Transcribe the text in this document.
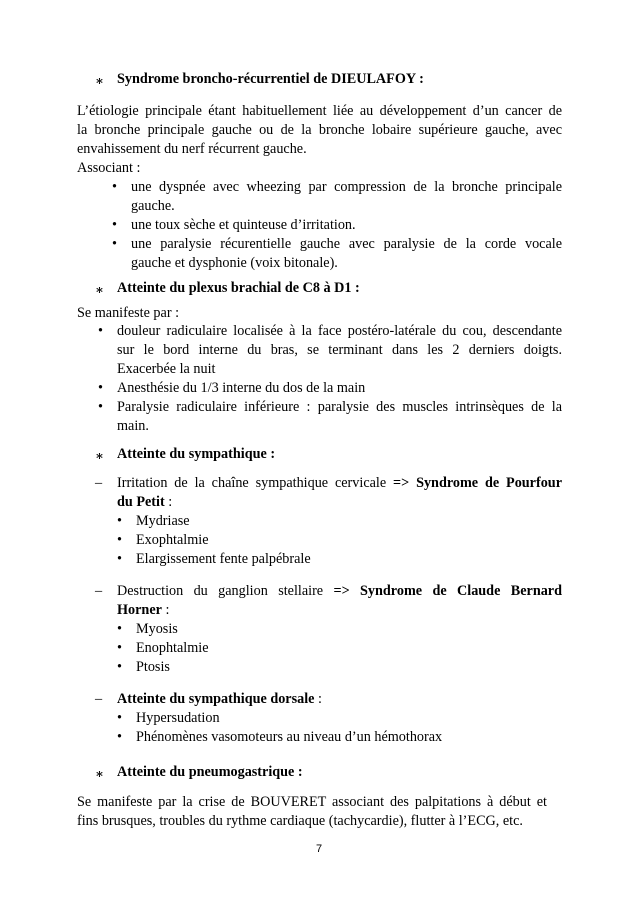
∗ Syndrome broncho-récurrentiel de DIEULAFOY :
L’étiologie principale étant habituellement liée au développement d’un cancer de
la bronche principale gauche ou de la bronche lobaire supérieure gauche, avec
envahissement du nerf récurrent gauche.
Associant :
• une dyspnée avec wheezing par compression de la bronche principale
gauche.
• une toux sèche et quinteuse d’irritation.
• une paralysie récurentielle gauche avec paralysie de la corde vocale
gauche et dysphonie (voix bitonale).
∗ Atteinte du plexus brachial de C8 à D1 :
Se manifeste par :
• douleur radiculaire localisée à la face postéro-latérale du cou, descendante
sur le bord interne du bras, se terminant dans les 2 derniers doigts.
Exacerbée la nuit
• Anesthésie du 1/3 interne du dos de la main
• Paralysie radiculaire inférieure : paralysie des muscles intrinsèques de la
main.
∗ Atteinte du sympathique :
– Irritation de la chaîne sympathique cervicale => Syndrome de Pourfour
du Petit :
• Mydriase
• Exophtalmie
• Elargissement fente palpébrale
– Destruction du ganglion stellaire => Syndrome de Claude Bernard
Horner :
• Myosis
• Enophtalmie
• Ptosis
– Atteinte du sympathique dorsale :
• Hypersudation
• Phénomènes vasomoteurs au niveau d’un hémothorax
∗ Atteinte du pneumogastrique :
Se manifeste par la crise de BOUVERET associant des palpitations à début et
fins brusques, troubles du rythme cardiaque (tachycardie), flutter à l’ECG, etc.
7
